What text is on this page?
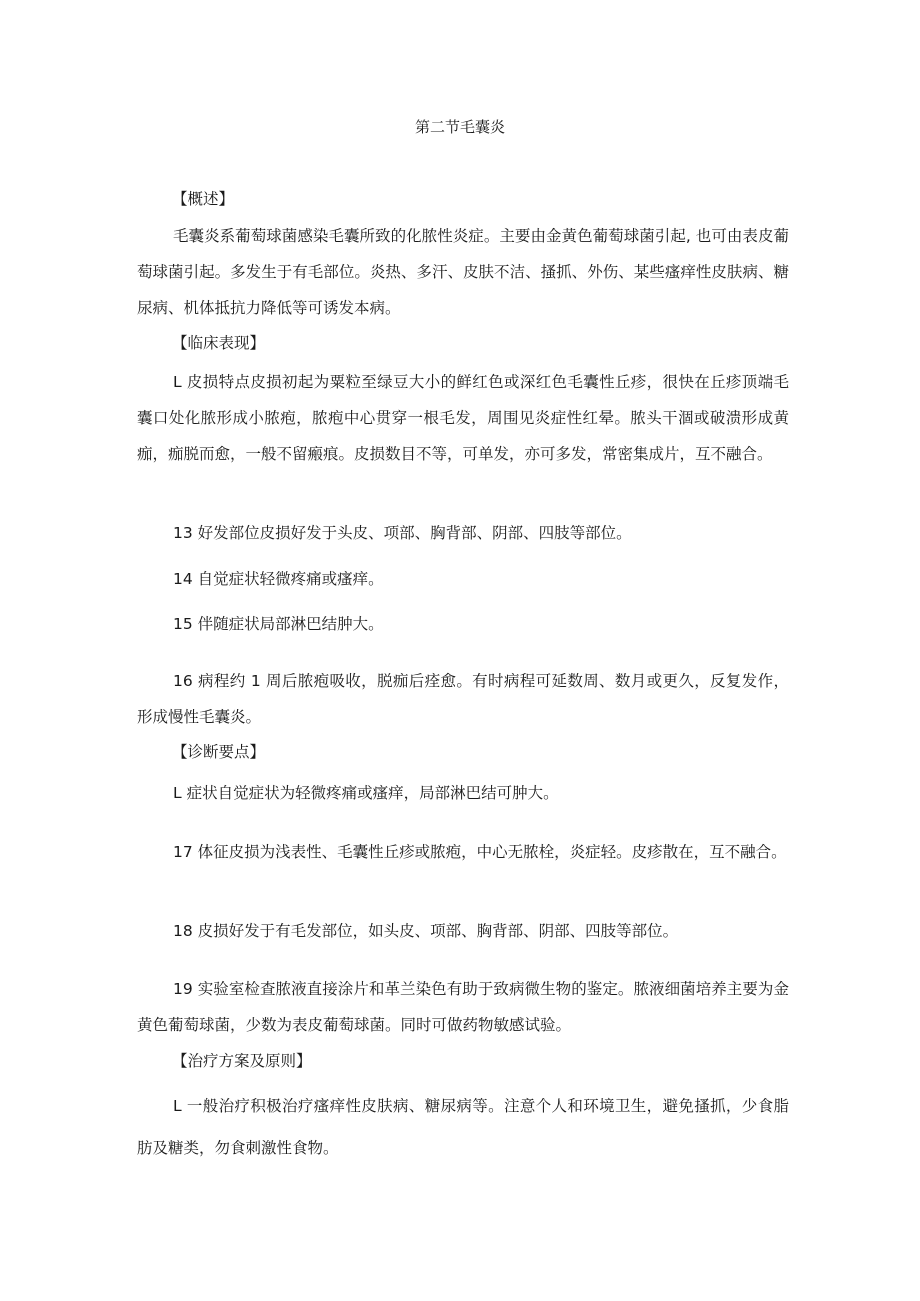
第二节毛囊炎

【概述】

毛囊炎系葡萄球菌感染毛囊所致的化脓性炎症。主要由金黄色葡萄球菌引起, 也可由表皮葡萄球菌引起。多发生于有毛部位。炎热、多汗、皮肤不洁、搔抓、外伤、某些瘙痒性皮肤病、糖尿病、机体抵抗力降低等可诱发本病。

【临床表现】

L 皮损特点皮损初起为粟粒至绿豆大小的鲜红色或深红色毛囊性丘疹，很快在丘疹顶端毛囊口处化脓形成小脓疱，脓疱中心贯穿一根毛发，周围见炎症性红晕。脓头干涸或破溃形成黄痂，痂脱而愈，一般不留瘢痕。皮损数目不等，可单发，亦可多发，常密集成片，互不融合。

13 好发部位皮损好发于头皮、项部、胸背部、阴部、四肢等部位。

14 自觉症状轻微疼痛或瘙痒。

15 伴随症状局部淋巴结肿大。

16 病程约 1 周后脓疱吸收，脱痂后痊愈。有时病程可延数周、数月或更久，反复发作，形成慢性毛囊炎。

【诊断要点】

L 症状自觉症状为轻微疼痛或瘙痒，局部淋巴结可肿大。

17 体征皮损为浅表性、毛囊性丘疹或脓疱，中心无脓栓，炎症轻。皮疹散在，互不融合。

18 皮损好发于有毛发部位，如头皮、项部、胸背部、阴部、四肢等部位。

19 实验室检查脓液直接涂片和革兰染色有助于致病微生物的鉴定。脓液细菌培养主要为金黄色葡萄球菌，少数为表皮葡萄球菌。同时可做药物敏感试验。

【治疗方案及原则】

L 一般治疗积极治疗瘙痒性皮肤病、糖尿病等。注意个人和环境卫生，避免搔抓，少食脂肪及糖类，勿食刺激性食物。
